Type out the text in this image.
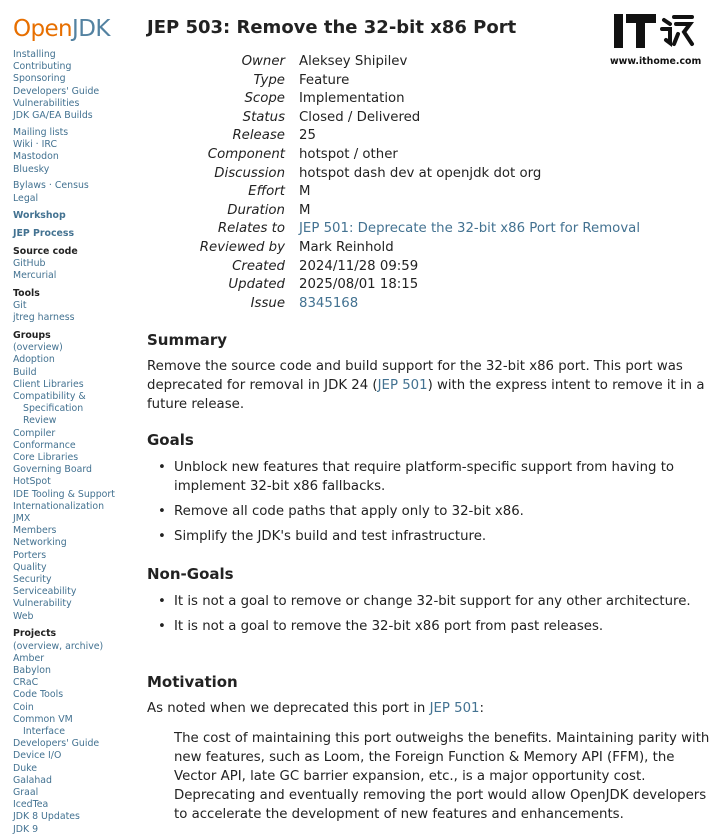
OpenJDK
Installing
Contributing
Sponsoring
Developers' Guide
Vulnerabilities
JDK GA/EA Builds
Mailing lists
Wiki · IRC
Mastodon
Bluesky
Bylaws · Census
Legal
Workshop
JEP Process
Source code
GitHub
Mercurial
Tools
Git
jtreg harness
Groups
(overview)
Adoption
Build
Client Libraries
Compatibility &
Specification
Review
Compiler
Conformance
Core Libraries
Governing Board
HotSpot
IDE Tooling & Support
Internationalization
JMX
Members
Networking
Porters
Quality
Security
Serviceability
Vulnerability
Web
Projects
(overview, archive)
Amber
Babylon
CRaC
Code Tools
Coin
Common VM
Interface
Developers' Guide
Device I/O
Duke
Galahad
Graal
IcedTea
JDK 8 Updates
JDK 9
JEP 503: Remove the 32-bit x86 Port
Owner	Aleksey Shipilev
Type	Feature
Scope	Implementation
Status	Closed / Delivered
Release	25
Component	hotspot / other
Discussion	hotspot dash dev at openjdk dot org
Effort	M
Duration	M
Relates to	JEP 501: Deprecate the 32-bit x86 Port for Removal
Reviewed by	Mark Reinhold
Created	2024/11/28 09:59
Updated	2025/08/01 18:15
Issue	8345168
Summary

Remove the source code and build support for the 32-bit x86 port. This port was deprecated for removal in JDK 24 (JEP 501) with the express intent to remove it in a future release.

Goals
• Unblock new features that require platform-specific support from having to implement 32-bit x86 fallbacks.
• Remove all code paths that apply only to 32-bit x86.
• Simplify the JDK's build and test infrastructure.
Non-Goals
• It is not a goal to remove or change 32-bit support for any other architecture.
• It is not a goal to remove the 32-bit x86 port from past releases.
Motivation

As noted when we deprecated this port in JEP 501:

The cost of maintaining this port outweighs the benefits. Maintaining parity with new features, such as Loom, the Foreign Function & Memory API (FFM), the Vector API, late GC barrier expansion, etc., is a major opportunity cost. Deprecating and eventually removing the port would allow OpenJDK developers to accelerate the development of new features and enhancements.

www.ithome.com
